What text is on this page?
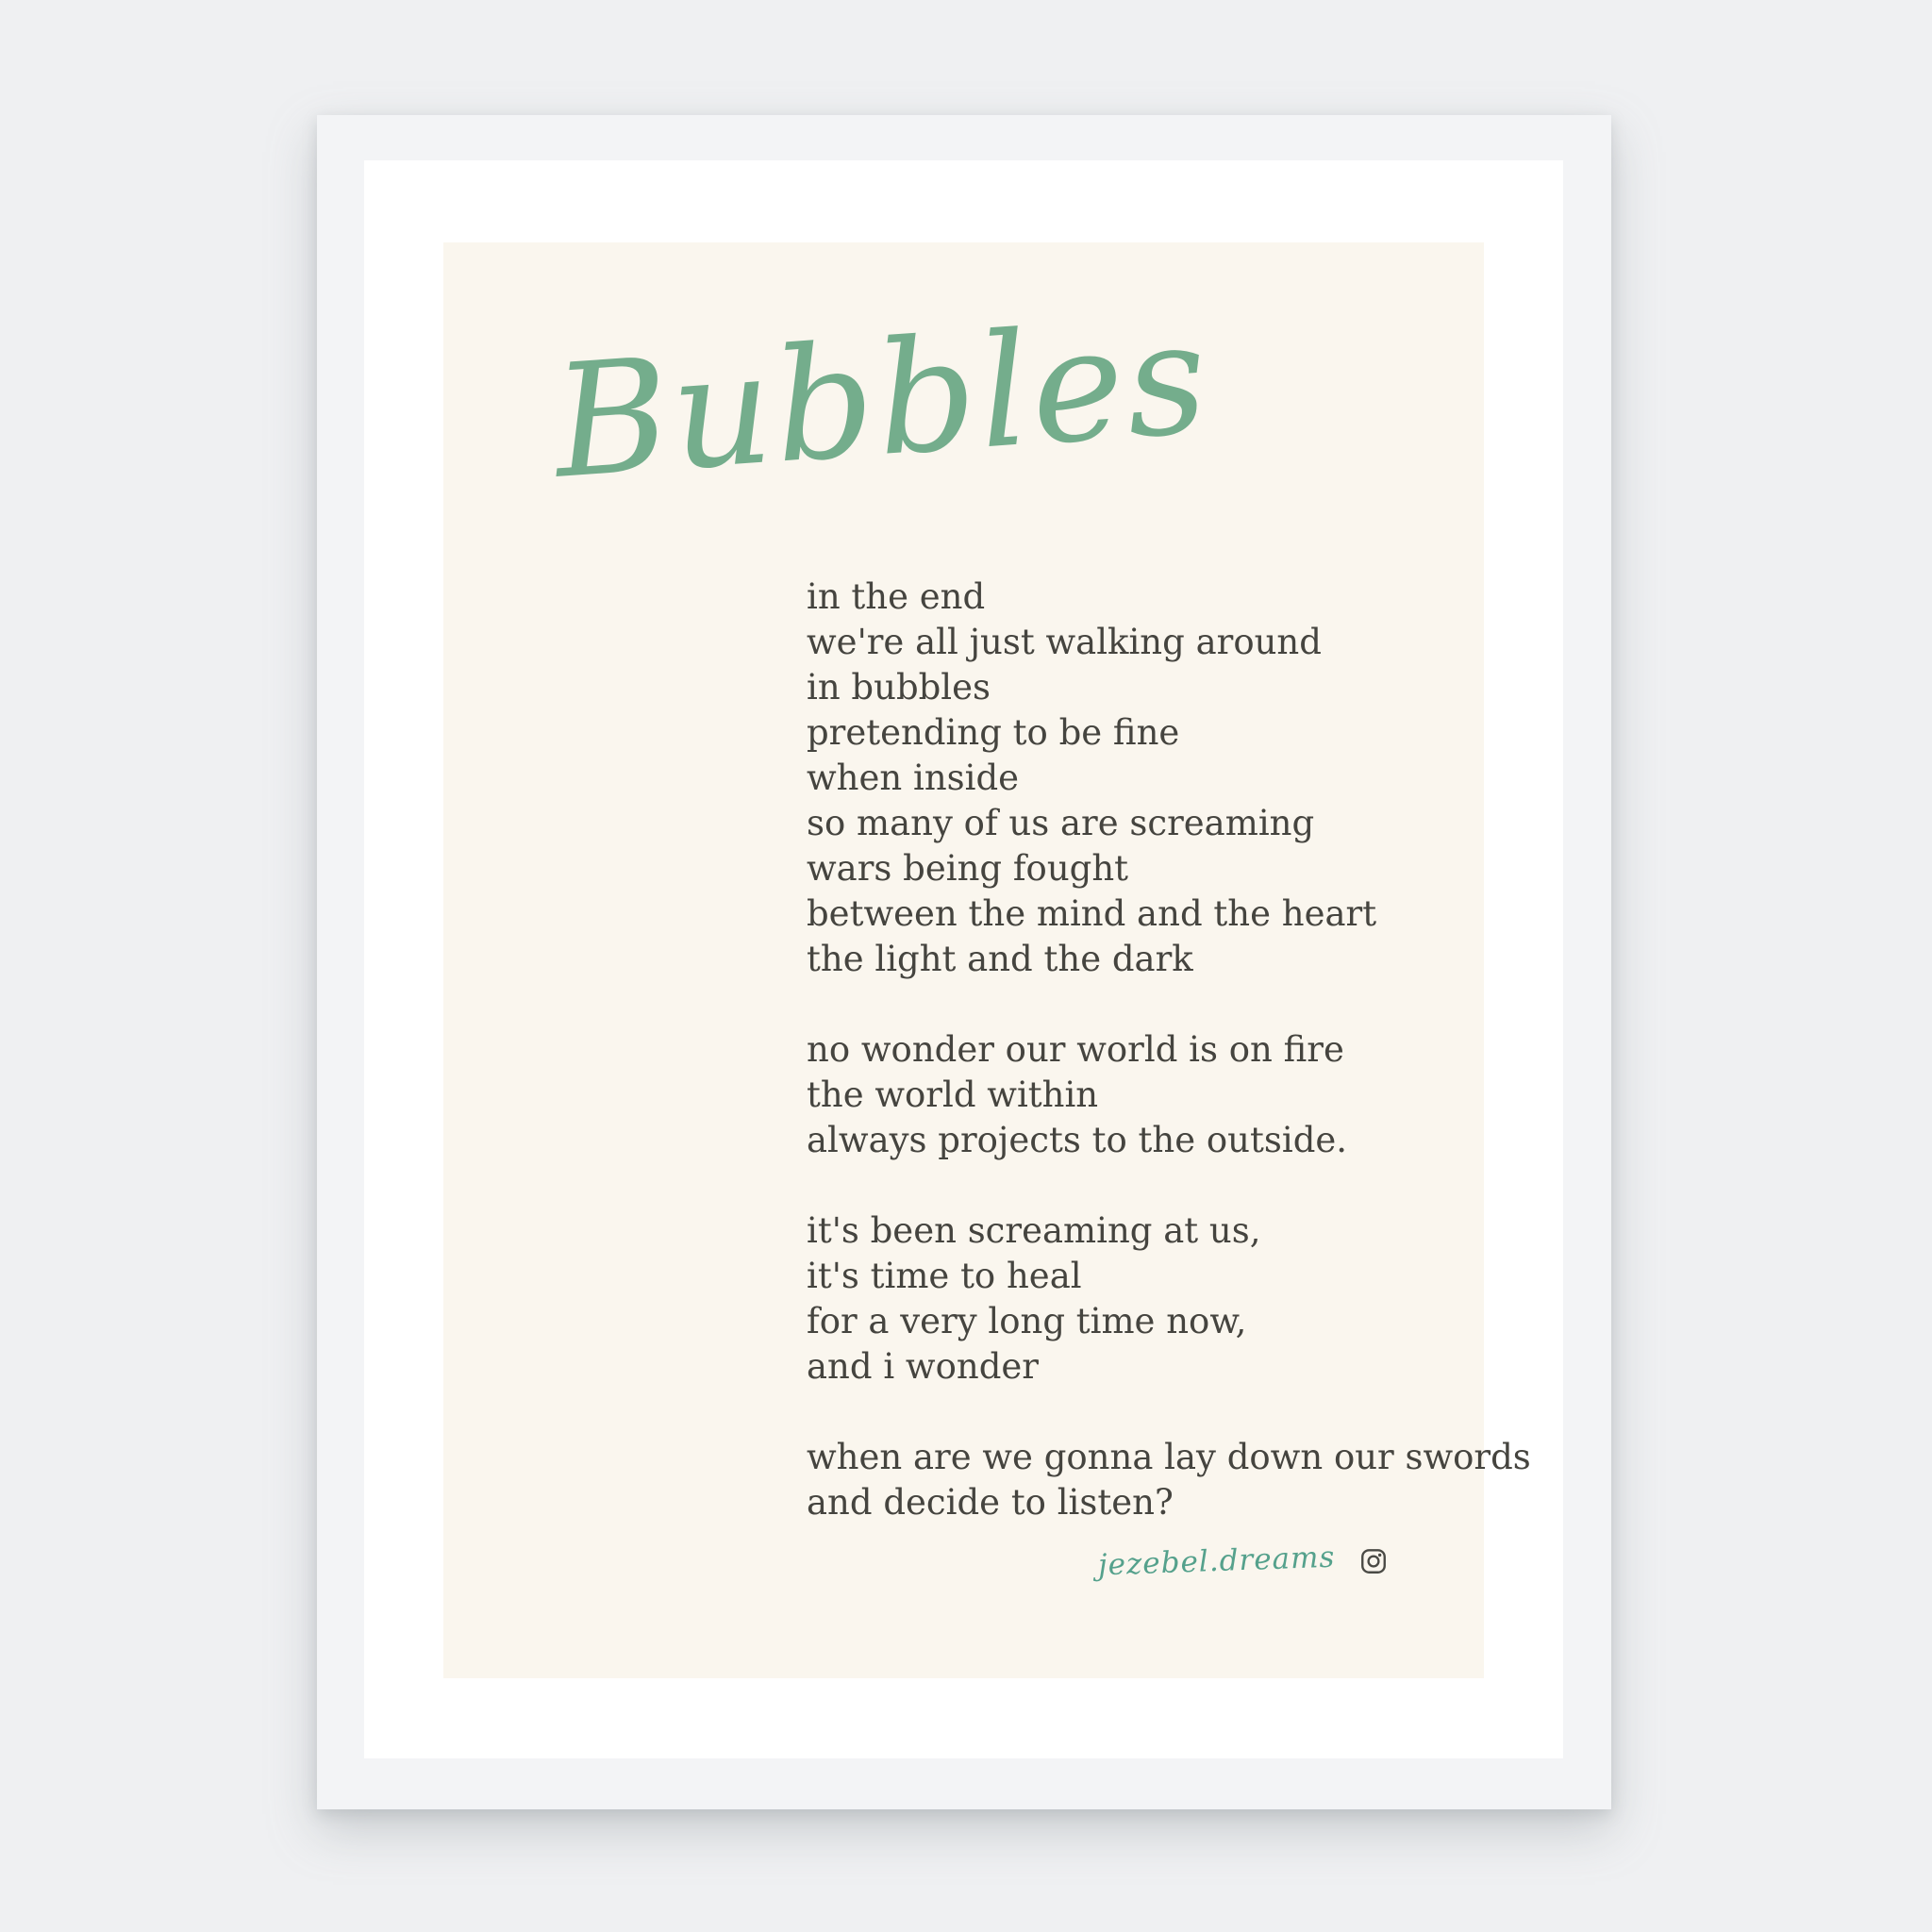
Bubbles
in the end
we're all just walking around
in bubbles
pretending to be fine
when inside
so many of us are screaming
wars being fought
between the mind and the heart
the light and the dark
no wonder our world is on fire
the world within
always projects to the outside.
it's been screaming at us,
it's time to heal
for a very long time now,
and i wonder
when are we gonna lay down our swords
and decide to listen?
jezebel.dreams
